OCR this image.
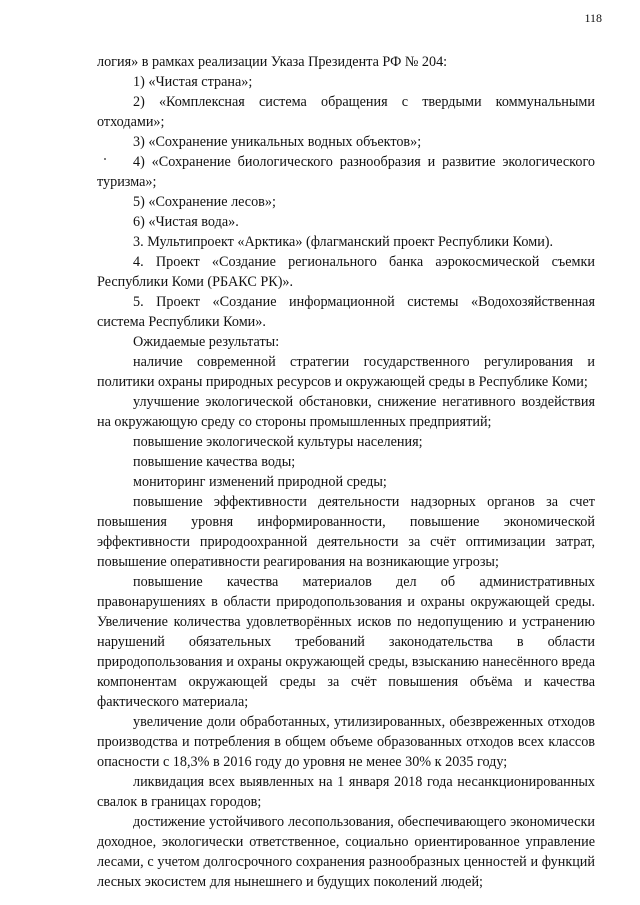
118

логия» в рамках реализации Указа Президента РФ № 204:

1) «Чистая страна»;

2) «Комплексная система обращения с твердыми коммунальными отходами»;

3) «Сохранение уникальных водных объектов»;

4) «Сохранение биологического разнообразия и развитие экологического туризма»;

5) «Сохранение лесов»;

6) «Чистая вода».

3. Мультипроект «Арктика» (флагманский проект Республики Коми).

4. Проект «Создание регионального банка аэрокосмической съемки Республики Коми (РБАКС РК)».

5. Проект «Создание информационной системы «Водохозяйственная система Республики Коми».

Ожидаемые результаты:

наличие современной стратегии государственного регулирования и политики охраны природных ресурсов и окружающей среды в Республике Коми;

улучшение экологической обстановки, снижение негативного воздействия на окружающую среду со стороны промышленных предприятий;

повышение экологической культуры населения;

повышение качества воды;

мониторинг изменений природной среды;

повышение эффективности деятельности надзорных органов за счет повышения уровня информированности, повышение экономической эффективности природоохранной деятельности за счёт оптимизации затрат, повышение оперативности реагирования на возникающие угрозы;

повышение качества материалов дел об административных правонарушениях в области природопользования и охраны окружающей среды. Увеличение количества удовлетворённых исков по недопущению и устранению нарушений обязательных требований законодательства в области природопользования и охраны окружающей среды, взысканию нанесённого вреда компонентам окружающей среды за счёт повышения объёма и качества фактического материала;

увеличение доли обработанных, утилизированных, обезвреженных отходов производства и потребления в общем объеме образованных отходов всех классов опасности с 18,3% в 2016 году до уровня не менее 30% к 2035 году;

ликвидация всех выявленных на 1 января 2018 года несанкционированных свалок в границах городов;

достижение устойчивого лесопользования, обеспечивающего экономически доходное, экологически ответственное, социально ориентированное управление лесами, с учетом долгосрочного сохранения разнообразных ценностей и функций лесных экосистем для нынешнего и будущих поколений людей;
